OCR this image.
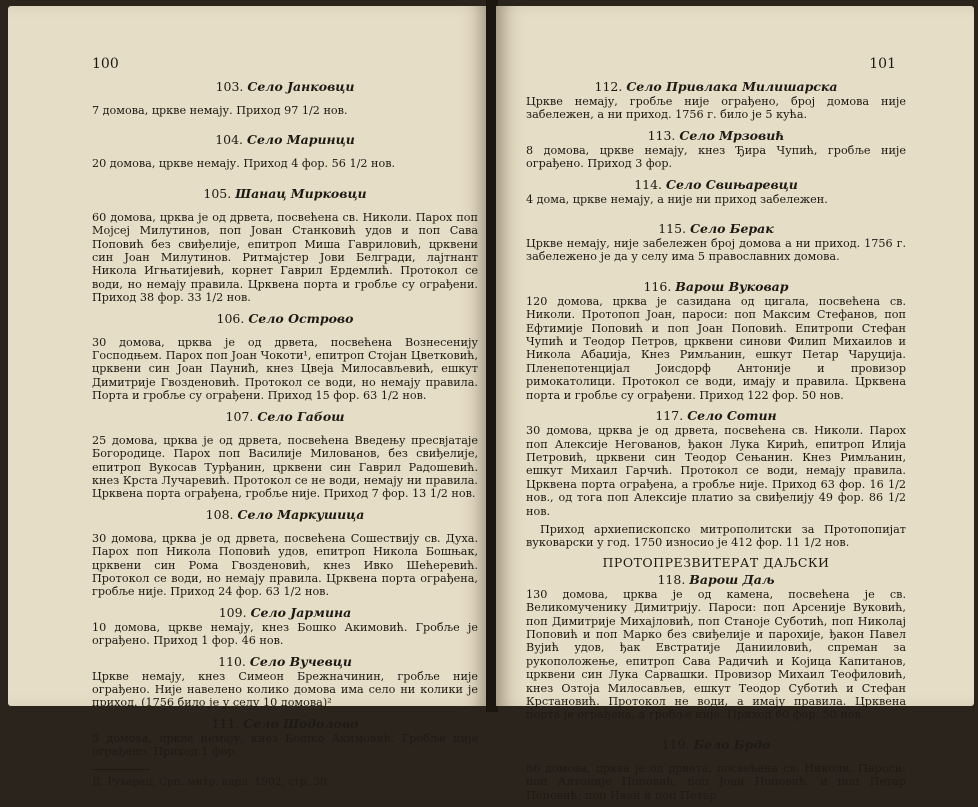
100

103. Село Јанковци

7 домова, цркве немају. Приход 97 1/2 нов.

104. Село Маринци

20 домова, цркве немају. Приход 4 фор. 56 1/2 нов.

105. Шанац Мирковци

60 домова, црква је од дрвета, посвећена св. Николи. Парох поп Мојсеј Милутинов, поп Јован Станковић удов и поп Сава Поповић без свиђелије, епитроп Миша Гавриловић, црквени син Јоан Милутинов. Ритмајстер Јови Белгради, лајтнант Никола Игњатијевић, корнет Гаврил Ердемлић. Протокол се води, но немају правила. Црквена порта и гробље су ограђени. Приход 38 фор. 33 1/2 нов.

106. Село Острово

30 домова, црква је од дрвета, посвећена Вознесенију Господњем. Парох поп Јоан Чокоти¹, епитроп Стојан Цветковић, црквени син Јоан Пауниħ, кнез Цвеја Милосављевић, ешкут Димитрије Гвозденовић. Протокол се води, но немају правила. Порта и гробље су ограђени. Приход 15 фор. 63 1/2 нов.

107. Село Габош

25 домова, црква је од дрвета, посвећена Введењу пресвјатаје Богородице. Парох поп Василије Милованов, без свиђелије, епитроп Вукосав Турђанин, црквени син Гаврил Радошевић. кнез Крста Лучаревић. Протокол се не води, немају ни правила. Црквена порта ограђена, гробље није. Приход 7 фор. 13 1/2 нов.

108. Село Маркушица

30 домова, црква је од дрвета, посвећена Сошествију св. Духа. Парох поп Никола Поповић удов, епитроп Никола Бошњак, црквени син Рома Гвозденовић, кнез Ивко Шећеревић. Протокол се води, но немају правила. Црквена порта ограђена, гробље није. Приход 24 фор. 63 1/2 нов.

109. Село Јармина

10 домова, цркве немају, кнез Бошко Акимовић. Гробље је ограђено. Приход 1 фор. 46 нов.

110. Село Вучевци

Цркве немају, кнез Симеон Брежначинин, гробље није ограђено. Није навелено колико домова има село ни колики је приход. (1756 било је у селу 10 домова)²

111. Село Шодолово

5 домова, цркве немају, кнез Бошко Акимовић. Гробље није ограђено. Приход 1 фор.

Д. Руварац, Срп. митр. карл. 1902, стр. 30.

101

112. Село Привлака Милишарска

Цркве немају, гробље није ограђено, број домова није забележен, а ни приход. 1756 г. било је 5 кућа.

113. Село Мрзовић

8 домова, цркве немају, кнез Ђира Чупић, гробље није ограђено. Приход 3 фор.

114. Село Свињаревци

4 дома, цркве немају, а није ни приход забележен.

115. Село Берак

Цркве немају, није забележен број домова а ни приход. 1756 г. забележено је да у селу има 5 православних домова.

116. Варош Вуковар

120 домова, црква је сазидана од цигала, посвећена св. Николи. Протопоп Јоан, пароси: поп Максим Стефанов, поп Ефтимије Поповић и поп Јоан Поповић. Епитропи Стефан Чупић и Теодор Петров, црквени синови Филип Михаилов и Никола Абаџија, Кнез Римљанин, ешкут Петар Чаруција. Пленепотенцијал Јоисдорф Антоније и провизор римокатолици. Протокол се води, имају и правила. Црквена порта и гробље су ограђени. Приход 122 фор. 50 нов.

117. Село Сотин

30 домова, црква је од дрвета, посвећена св. Николи. Парох поп Алексије Негованов, ђакон Лука Кирић, епитроп Илија Петровић, црквени син Теодор Сењанин. Кнез Римљанин, ешкут Михаил Гарчић. Протокол се води, немају правила. Црквена порта ограђена, а гробље није. Приход 63 фор. 16 1/2 нов., од тога поп Алексије платио за свиђелију 49 фор. 86 1/2 нов.

Приход архиепископско митрополитски за Протопопијат вуковарски у год. 1750 износио је 412 фор. 11 1/2 нов.

ПРОТОПРЕЗВИТЕРАТ ДАЉСКИ

118. Варош Даљ

130 домова, црква је од камена, посвећена је св. Великомученику Димитрију. Пароси: поп Арсеније Вуковић, поп Димитрије Михајловић, поп Станоје Суботић, поп Николај Поповић и поп Марко без свиђелије и парохије, ђакон Павел Вујић удов, ђак Евстратије Данииловић, спреман за рукоположење, епитроп Сава Радичић и Којица Капитанов, црквени син Лука Сарвашки. Провизор Михаил Теофиловић, кнез Озтоја Милосављев, ешкут Теодор Суботић и Стефан Крстановић. Протокол не води, а имају правила. Црквена порта је ограђена, а гробље није. Приход 60 фор. 50 нов.

119. Бело Брдо

86 домова, црква је од дрвета, посвећена св. Николи. Пароси: поп Антоније Поповић, поп Јоан Поповић, и поп Петар Поповић; поп Иван и поп Петар
